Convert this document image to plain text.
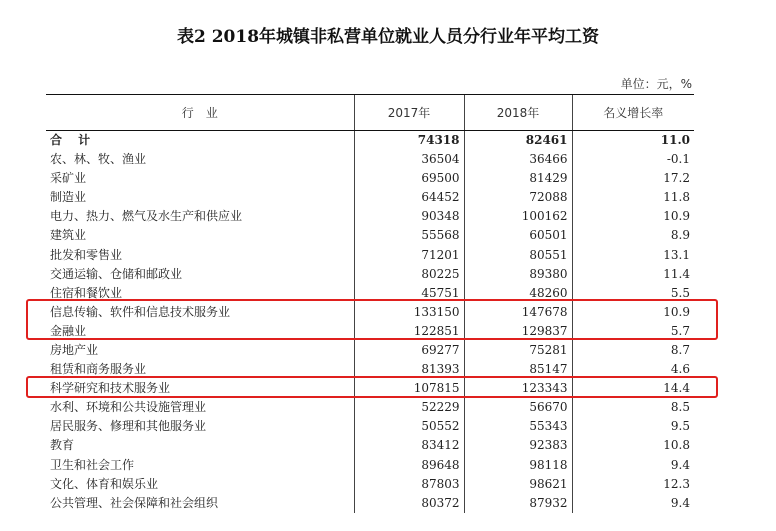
表2 2018年城镇非私营单位就业人员分行业年平均工资
单位：元，%
行　业	2017年	2018年	名义增长率
合 计	74318	82461	11.0
农、林、牧、渔业	36504	36466	-0.1
采矿业	69500	81429	17.2
制造业	64452	72088	11.8
电力、热力、燃气及水生产和供应业	90348	100162	10.9
建筑业	55568	60501	8.9
批发和零售业	71201	80551	13.1
交通运输、仓储和邮政业	80225	89380	11.4
住宿和餐饮业	45751	48260	5.5
信息传输、软件和信息技术服务业	133150	147678	10.9
金融业	122851	129837	5.7
房地产业	69277	75281	8.7
租赁和商务服务业	81393	85147	4.6
科学研究和技术服务业	107815	123343	14.4
水利、环境和公共设施管理业	52229	56670	8.5
居民服务、修理和其他服务业	50552	55343	9.5
教育	83412	92383	10.8
卫生和社会工作	89648	98118	9.4
文化、体育和娱乐业	87803	98621	12.3
公共管理、社会保障和社会组织	80372	87932	9.4
